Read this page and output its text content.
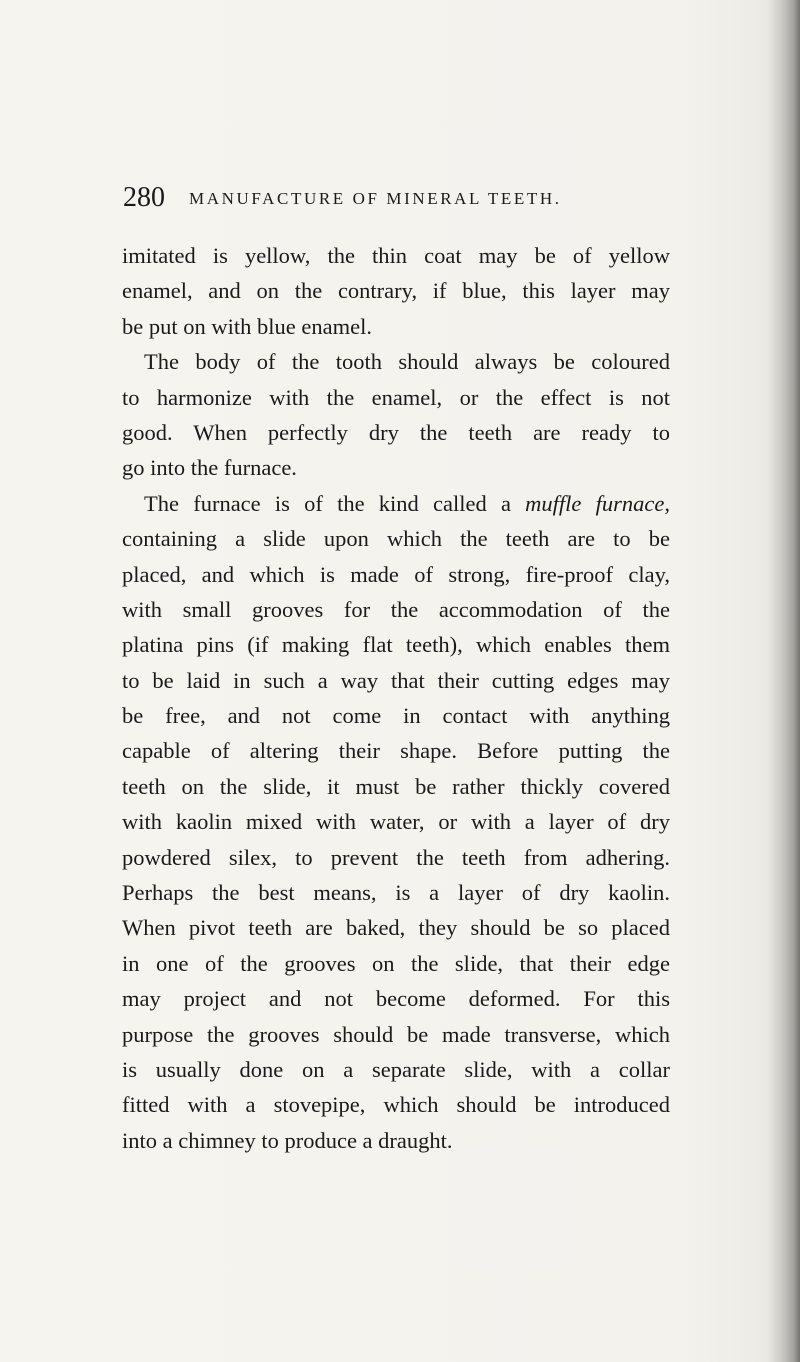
280 MANUFACTURE OF MINERAL TEETH.
imitated is yellow, the thin coat may be of yellow
enamel, and on the contrary, if blue, this layer may
be put on with blue enamel.
The body of the tooth should always be coloured
to harmonize with the enamel, or the effect is not
good. When perfectly dry the teeth are ready to
go into the furnace.
The furnace is of the kind called a muffle furnace,
containing a slide upon which the teeth are to be
placed, and which is made of strong, fire-proof clay,
with small grooves for the accommodation of the
platina pins (if making flat teeth), which enables them
to be laid in such a way that their cutting edges may
be free, and not come in contact with anything
capable of altering their shape. Before putting the
teeth on the slide, it must be rather thickly covered
with kaolin mixed with water, or with a layer of dry
powdered silex, to prevent the teeth from adhering.
Perhaps the best means, is a layer of dry kaolin.
When pivot teeth are baked, they should be so placed
in one of the grooves on the slide, that their edge
may project and not become deformed. For this
purpose the grooves should be made transverse, which
is usually done on a separate slide, with a collar
fitted with a stovepipe, which should be introduced
into a chimney to produce a draught.
